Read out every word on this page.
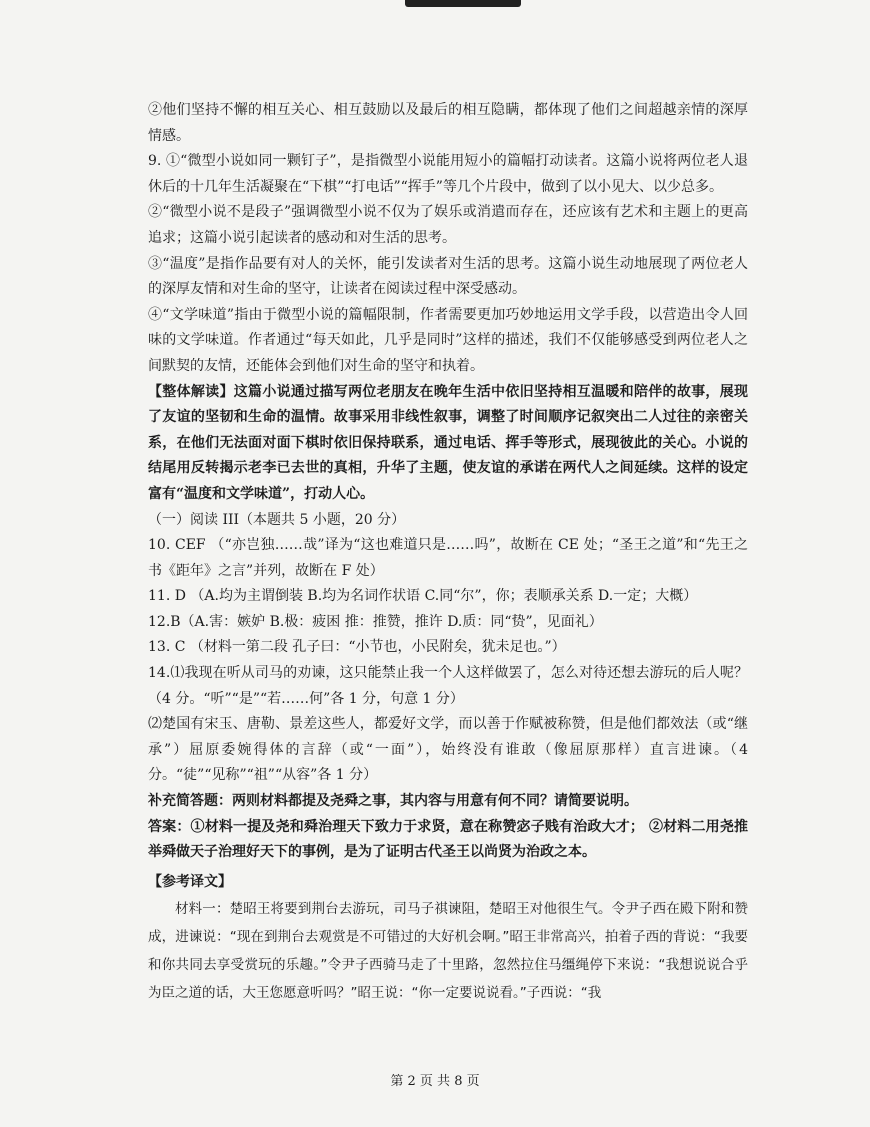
②他们坚持不懈的相互关心、相互鼓励以及最后的相互隐瞒，都体现了他们之间超越亲情的深厚情感。

9. ①“微型小说如同一颗钉子”，是指微型小说能用短小的篇幅打动读者。这篇小说将两位老人退休后的十几年生活凝聚在“下棋”“打电话”“挥手”等几个片段中，做到了以小见大、以少总多。

②“微型小说不是段子”强调微型小说不仅为了娱乐或消遣而存在，还应该有艺术和主题上的更高追求；这篇小说引起读者的感动和对生活的思考。

③“温度”是指作品要有对人的关怀，能引发读者对生活的思考。这篇小说生动地展现了两位老人的深厚友情和对生命的坚守，让读者在阅读过程中深受感动。

④“文学味道”指由于微型小说的篇幅限制，作者需要更加巧妙地运用文学手段，以营造出令人回味的文学味道。作者通过“每天如此，几乎是同时”这样的描述，我们不仅能够感受到两位老人之间默契的友情，还能体会到他们对生命的坚守和执着。

【整体解读】这篇小说通过描写两位老朋友在晚年生活中依旧坚持相互温暖和陪伴的故事，展现了友谊的坚韧和生命的温情。故事采用非线性叙事，调整了时间顺序记叙突出二人过往的亲密关系，在他们无法面对面下棋时依旧保持联系，通过电话、挥手等形式，展现彼此的关心。小说的结尾用反转揭示老李已去世的真相，升华了主题，使友谊的承诺在两代人之间延续。这样的设定富有“温度和文学味道”，打动人心。

（一）阅读 III（本题共 5 小题，20 分）

10. CEF （“亦岂独……哉”译为“这也难道只是……吗”，故断在 CE 处；“圣王之道”和“先王之书《距年》之言”并列，故断在 F 处）

11. D （A.均为主谓倒装 B.均为名词作状语 C.同“尔”，你；表顺承关系 D.一定；大概）

12.B（A.害：嫉妒 B.极：疲困 推：推赞，推许 D.质：同“贽”，见面礼）

13. C （材料一第二段 孔子曰：“小节也，小民附矣，犹未足也。”）

14.⑴我现在听从司马的劝谏，这只能禁止我一个人这样做罢了，怎么对待还想去游玩的后人呢？（4 分。“听”“是”“若……何”各 1 分，句意 1 分）

⑵楚国有宋玉、唐勒、景差这些人，都爱好文学，而以善于作赋被称赞，但是他们都效法（或“继承”）屈原委婉得体的言辞（或“一面”），始终没有谁敢（像屈原那样）直言进谏。（4 分。“徒”“见称”“祖”“从容”各 1 分）

补充简答题：两则材料都提及尧舜之事，其内容与用意有何不同？请简要说明。

答案：①材料一提及尧和舜治理天下致力于求贤，意在称赞宓子贱有治政大才； ②材料二用尧推举舜做天子治理好天下的事例，是为了证明古代圣王以尚贤为治政之本。

【参考译文】

材料一：楚昭王将要到荆台去游玩，司马子祺谏阻，楚昭王对他很生气。令尹子西在殿下附和赞成，进谏说：“现在到荆台去观赏是不可错过的大好机会啊。”昭王非常高兴，拍着子西的背说：“我要和你共同去享受赏玩的乐趣。”令尹子西骑马走了十里路，忽然拉住马缰绳停下来说：“我想说说合乎为臣之道的话，大王您愿意听吗？”昭王说：“你一定要说说看。”子西说：“我

第 2 页 共 8 页
